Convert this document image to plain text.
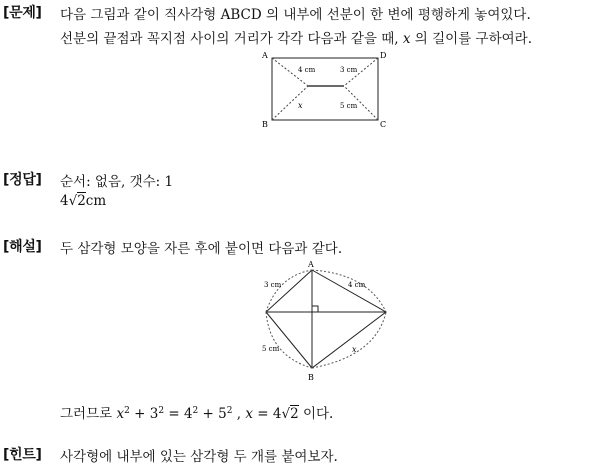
[문제] 다음 그림과 같이 직사각형 ABCD 의 내부에 선분이 한 변에 평행하게 놓여있다.
선분의 끝점과 꼭지점 사이의 거리가 각각 다음과 같을 때, x 의 길이를 구하여라.
A	D
B	C
4 cm	3 cm
5 cm
x
[정답] 순서: 없음, 갯수: 1
4√2cm
[해설] 두 삼각형 모양을 자른 후에 붙이면 다음과 같다.
A
B
3 cm	4 cm
5 cm	x
그러므로 $x^2 + 3^2 = 4^2 + 5^2$ , x = 4√2 이다.
[힌트] 사각형에 내부에 있는 삼각형 두 개를 붙여보자.
